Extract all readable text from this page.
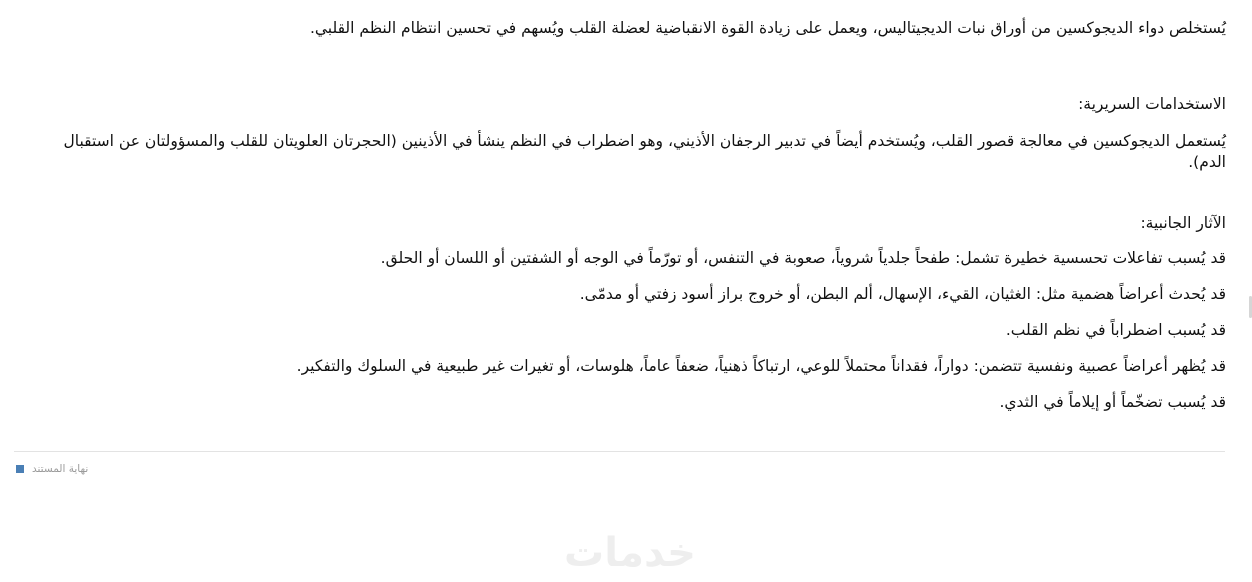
يُستخلص دواء الديجوكسين من أوراق نبات الديجيتاليس، ويعمل على زيادة القوة الانقباضية لعضلة القلب ويُسهم في تحسين انتظام النظم القلبي.

الاستخدامات السريرية:

يُستعمل الديجوكسين في معالجة قصور القلب، ويُستخدم أيضاً في تدبير الرجفان الأذيني، وهو اضطراب في النظم ينشأ في الأذينين (الحجرتان العلويتان للقلب والمسؤولتان عن استقبال الدم).

الآثار الجانبية:

قد يُسبب تفاعلات تحسسية خطيرة تشمل: طفحاً جلدياً شروياً، صعوبة في التنفس، أو تورّماً في الوجه أو الشفتين أو اللسان أو الحلق.

قد يُحدث أعراضاً هضمية مثل: الغثيان، القيء، الإسهال، ألم البطن، أو خروج براز أسود زفتي أو مدمّى.

قد يُسبب اضطراباً في نظم القلب.

قد يُظهر أعراضاً عصبية ونفسية تتضمن: دواراً، فقداناً محتملاً للوعي، ارتباكاً ذهنياً، ضعفاً عاماً، هلوسات، أو تغيرات غير طبيعية في السلوك والتفكير.

قد يُسبب تضخّماً أو إيلاماً في الثدي.

نهاية المستند
خدمات
